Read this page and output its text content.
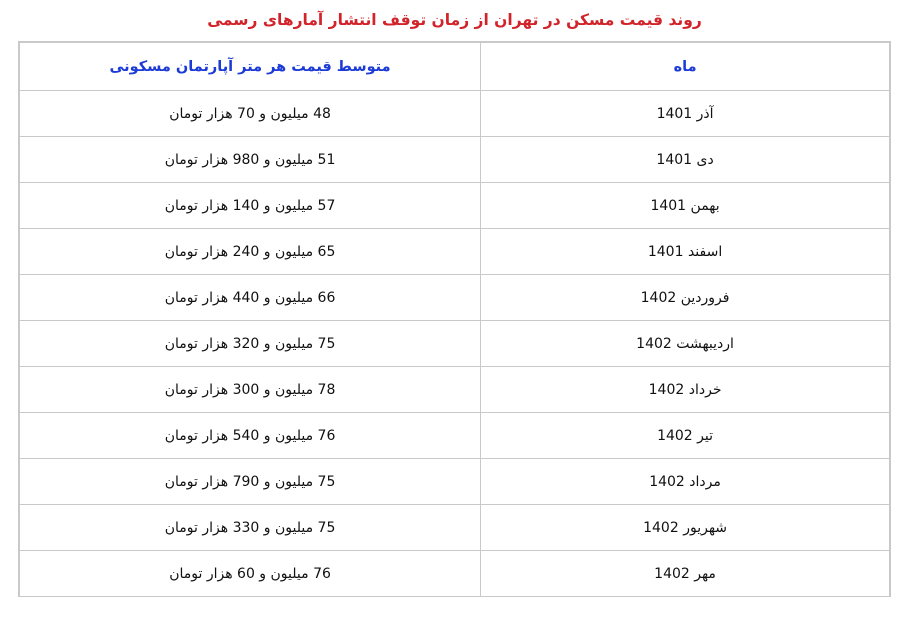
روند قیمت مسکن در تهران از زمان توقف انتشار آمارهای رسمی
ماه	متوسط قیمت هر متر آپارتمان مسکونی
آذر 1401	48 میلیون و 70 هزار تومان
دی 1401	51 میلیون و 980 هزار تومان
بهمن 1401	57 میلیون و 140 هزار تومان
اسفند 1401	65 میلیون و 240 هزار تومان
فروردین 1402	66 میلیون و 440 هزار تومان
اردیبهشت 1402	75 میلیون و 320 هزار تومان
خرداد 1402	78 میلیون و 300 هزار تومان
تیر 1402	76 میلیون و 540 هزار تومان
مرداد 1402	75 میلیون و 790 هزار تومان
شهریور 1402	75 میلیون و 330 هزار تومان
مهر 1402	76 میلیون و 60 هزار تومان
